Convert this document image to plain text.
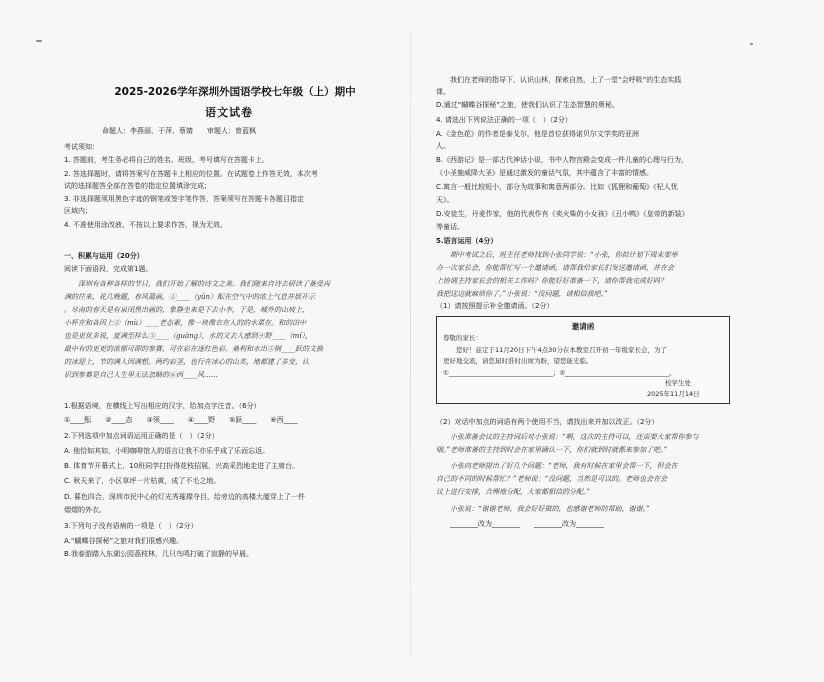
2025-2026学年深圳外国语学校七年级（上）期中
语文试卷
命题人：李燕丽、于萍、蔡婧　　审题人：曾蓝枫
考试须知：
1. 答题前，考生务必将自己的姓名、班级、考号填写在答题卡上。
2. 答选择题时，请将答案写在答题卡上相应的位置。在试题卷上作答无效，本次考
试的选择题答全部在答卷的指定位置填涂完成；
3. 非选择题须用黑色字迹的钢笔或签字笔作答，答案须写在答题卡各题目指定
区域内；
4. 不准使用涂改液、不按以上要求作答，视为无效。
一、积累与运用（20分）
阅读下面语段，完成第1题。
　　深圳有各种各样的节日，我们开始了解的诗文之美。我们随来自诗去研读了备受再
满的往来，花几晚题，春风蔼画，①____（yǔn）酝在空气中的浓土气息并展开示
。尽南的春天是有泉闭黑出画的，象静坐来是下去小李，于是，城外的山坡上，
小杯在和各因上②（mù）____老态素，像一块像衣在人的的水菜在。和的田中
也是更优多说，夏满至样么③____（guàng），水的又去人感到④野____（mí），
最中有的更更的浓郁可即的参赛，可在彩在逐红色彩。桑利和水出⑤钢____跃的文换
的冰迎上，节的满人因满想。两约彩茎，也行在冰心的山类，地都建了多变，认
识到参赛是自己人生里无法忽略的⑥西____风……
1.根据语境，在横线上写出相应的汉字，给加点字注音。（6分）
①____酝　　②____态　　③领____　　④____野　　⑤跃____　　⑥西____
2.下列选项中加点词语运用正确的是（　）（2分）
A. 他恰如其如，小明咖啡馆人的语言让我不亦乐乎成了乐而忘返。
B. 体育节开幕式上，10班同学打扮得花枝招展，兴高采烈地走进了主席台。
C. 秋天来了，小区草坪一片枯黄，成了不毛之地。
D. 暮色四合，深圳市民中心的灯光秀璀璨夺目，给旁边的高楼大厦穿上了一件
熠熠的外衣。
3.下列句子没有语病的一项是（　）（2分）
A.“蝴蝶谷探秘”之旅对我们很感兴趣。
B.我春游踏入东湖公园荔枝林，几只鸟鸣打破了寂静的早晨。
　　我们在老师的指导下，认识山林，探索自然，上了一堂“会呼吸”的生态实践
课。
D.通过“蝴蝶谷探秘”之旅，使我们认识了生态智慧的奥秘。
4. 请选出下列说法正确的一项（　）（2分）
A.《金色花》的作者是泰戈尔，他是首位获得诺贝尔文学奖的亚洲
人。
B.《西游记》是一部古代神话小说，书中人物宫殿会变成一件儿童的心理与行为，
《小圣施威降大圣》是通过激发的童话气氛，其中蕴含了丰富的情感。
C.寓言一般比较短小，部分为故事和寓意两部分。比如《狐狸和葡萄》《杞人忧
天》。
D.安徒生，丹麦作家，他的代表作有《卖火柴的小女孩》《丑小鸭》《皇帝的新装》
等童话。
5.语言运用（4分）
　　期中考试之后，班主任老师找到小张同学说：“小张，你拟计划下周末要举
办一次家长会，你能帮忙写一个邀请函，请帮我给家长们发送邀请函，并在会
上协调主持家长会的相关工作吗？你能好好准备一下，请你帮我完成好吗？
我把这边就麻烦你了。”小张说：“没问题，请相信我吧。”
（1）请按照提示补全邀请函。（2分）
邀请函
尊敬的家长：
　　您好！兹定于11月20日下午4点30分在本教室召开初一年级家长会，为了
更好地交流，请您届时准时出席为盼，望您能光临。
①________________________________；②________________________________。
校学生处
2025年11月14日
（2）对话中加点的词语有两个使用不当，请找出来并加以改正。（2分）
　　小张准备会议的主持词后对小张说：“啊，这次的主持可以，还需要大家帮你参与
哦。”老师准备的主持到时会在家里确认一下，你们就到时就都来参加了吧。”
　　小张向老师提出了好几个问题：“老师，我有时候在家里会帮一下，但会在
自己的不同的时候帮忙？”老师说：“没问题，当然是可以的。老师也会在会
议上进行安排，合理地分配，大家都相信的分配。”
　　小张说：“谢谢老师，我会好好做的，也感谢老师的帮助，谢谢。”
________改为________　　________改为________
